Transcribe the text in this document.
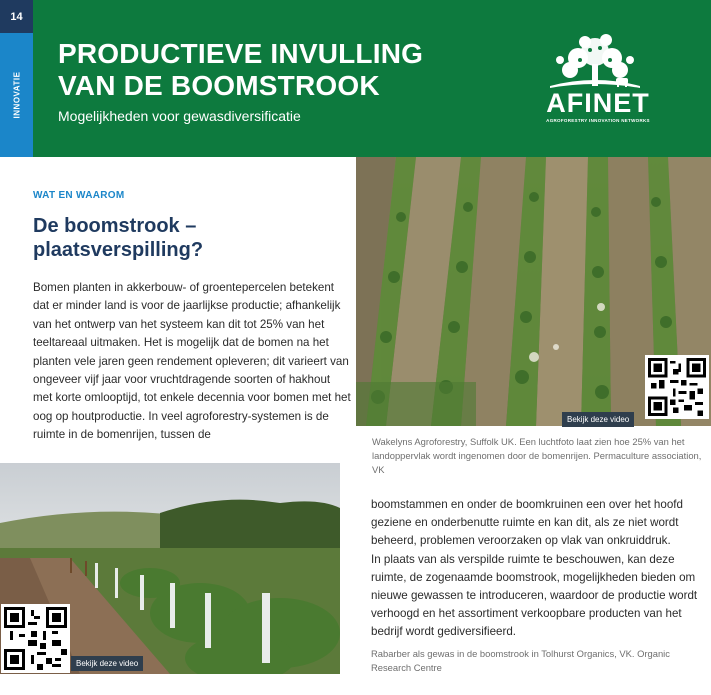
14
INNOVATIE
PRODUCTIEVE INVULLING
VAN DE BOOMSTROOK
Mogelijkheden voor gewasdiversificatie	AFINET
AGROFORESTRY INNOVATION NETWORKS
WAT EN WAAROM
De boomstrook –
plaatsverspilling?
Bomen planten in akkerbouw- of groentepercelen betekent dat er minder land is voor de jaarlijkse productie; afhankelijk van het ontwerp van het systeem kan dit tot 25% van het teeltareaal uitmaken. Het is mogelijk dat de bomen na het planten vele jaren geen rendement opleveren; dit varieert van ongeveer vijf jaar voor vruchtdragende soorten of hakhout met korte omlooptijd, tot enkele decennia voor bomen met het oog op houtproductie. In veel agroforestry-systemen is de ruimte in de bomenrijen, tussen de
Bekijk deze video
Wakelyns Agroforestry, Suffolk UK. Een luchtfoto laat zien hoe 25% van het landoppervlak wordt ingenomen door de bomenrijen. Permaculture association, VK
Bekijk deze video
boomstammen en onder de boomkruinen een over het hoofd geziene en onderbenutte ruimte en kan dit, als ze niet wordt beheerd, problemen veroorzaken op vlak van onkruiddruk.
In plaats van als verspilde ruimte te beschouwen, kan deze ruimte, de zogenaamde boomstrook, mogelijkheden bieden om nieuwe gewassen te introduceren, waardoor de productie wordt verhoogd en het assortiment verkoopbare producten van het bedrijf wordt gediversifieerd.
Rabarber als gewas in de boomstrook in Tolhurst Organics, VK. Organic Research Centre
